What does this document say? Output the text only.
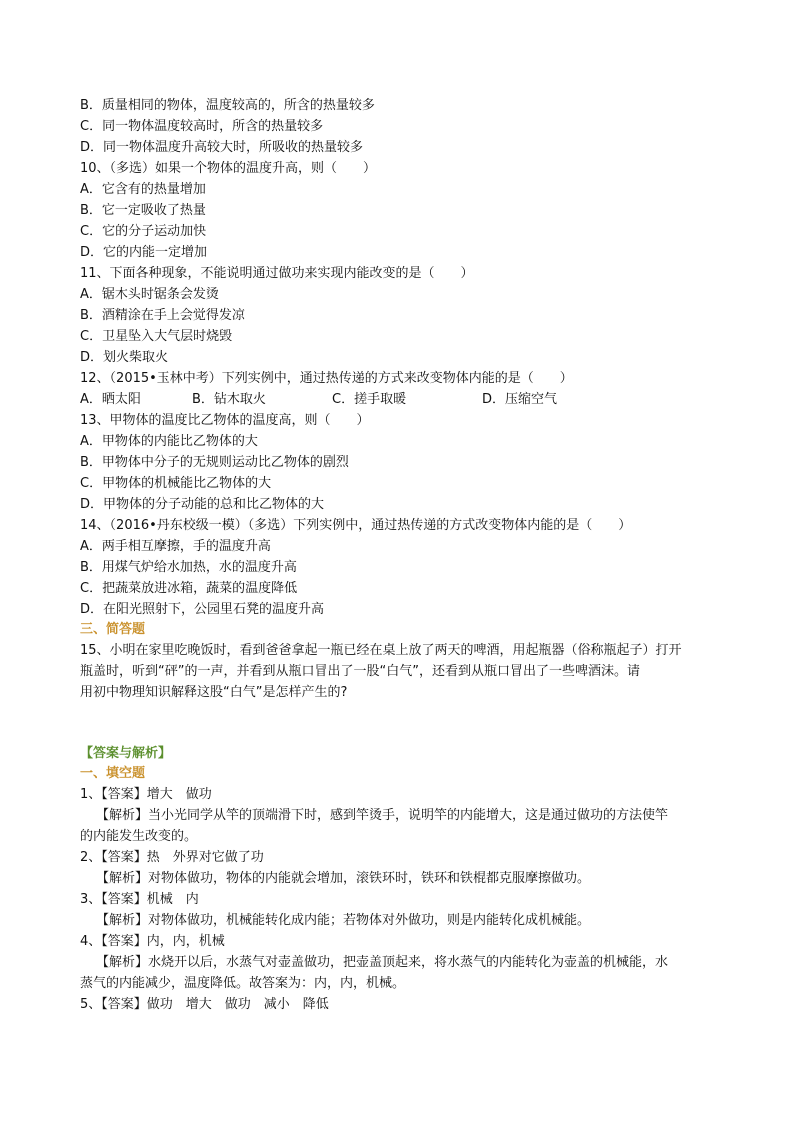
B．质量相同的物体，温度较高的，所含的热量较多
C．同一物体温度较高时，所含的热量较多
D．同一物体温度升高较大时，所吸收的热量较多
10、（多选）如果一个物体的温度升高，则（　　）
A．它含有的热量增加
B．它一定吸收了热量
C．它的分子运动加快
D．它的内能一定增加
11、下面各种现象，不能说明通过做功来实现内能改变的是（　　）
A．锯木头时锯条会发烫
B．酒精涂在手上会觉得发凉
C．卫星坠入大气层时烧毁
D．划火柴取火
12、（2015•玉林中考）下列实例中，通过热传递的方式来改变物体内能的是（　　）
A．晒太阳	B．钻木取火	C．搓手取暖	D．压缩空气
13、甲物体的温度比乙物体的温度高，则（　　）
A．甲物体的内能比乙物体的大
B．甲物体中分子的无规则运动比乙物体的剧烈
C．甲物体的机械能比乙物体的大
D．甲物体的分子动能的总和比乙物体的大
14、（2016•丹东校级一模）（多选）下列实例中，通过热传递的方式改变物体内能的是（　　）
A．两手相互摩擦，手的温度升高
B．用煤气炉给水加热，水的温度升高
C．把蔬菜放进冰箱，蔬菜的温度降低
D．在阳光照射下，公园里石凳的温度升高
三、简答题
15、小明在家里吃晚饭时，看到爸爸拿起一瓶已经在桌上放了两天的啤酒，用起瓶器（俗称瓶起子）打开
瓶盖时，听到“砰”的一声，并看到从瓶口冒出了一股“白气”，还看到从瓶口冒出了一些啤酒沫。请
用初中物理知识解释这股“白气”是怎样产生的?
【答案与解析】
一、填空题
1、【答案】增大　做功
【解析】当小光同学从竿的顶端滑下时，感到竿烫手，说明竿的内能增大，这是通过做功的方法使竿
的内能发生改变的。
2、【答案】热　外界对它做了功
【解析】对物体做功，物体的内能就会增加，滚铁环时，铁环和铁棍都克服摩擦做功。
3、【答案】机械　内
【解析】对物体做功，机械能转化成内能；若物体对外做功，则是内能转化成机械能。
4、【答案】内，内，机械
【解析】水烧开以后，水蒸气对壶盖做功，把壶盖顶起来，将水蒸气的内能转化为壶盖的机械能，水
蒸气的内能减少，温度降低。故答案为：内，内，机械。
5、【答案】做功　增大　做功　减小　降低
